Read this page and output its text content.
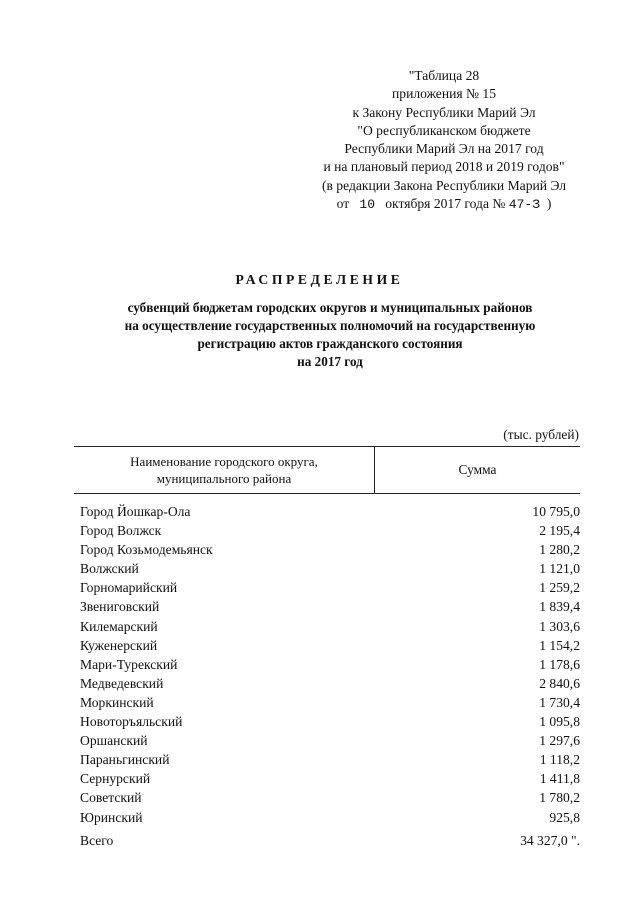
"Таблица 28
приложения № 15
к Закону Республики Марий Эл
"О республиканском бюджете
Республики Марий Эл на 2017 год
и на плановый период 2018 и 2019 годов"
(в редакции Закона Республики Марий Эл
от 10 октября 2017 года № 47-З )
РАСПРЕДЕЛЕНИЕ
субвенций бюджетам городских округов и муниципальных районов
на осуществление государственных полномочий на государственную
регистрацию актов гражданского состояния
на 2017 год
(тыс. рублей)
Наименование городского округа,
муниципального района
Сумма
Город Йошкар-Ола	10 795,0
Город Волжск	2 195,4
Город Козьмодемьянск	1 280,2
Волжский	1 121,0
Горномарийский	1 259,2
Звениговский	1 839,4
Килемарский	1 303,6
Куженерский	1 154,2
Мари-Турекский	1 178,6
Медведевский	2 840,6
Моркинский	1 730,4
Новоторъяльский	1 095,8
Оршанский	1 297,6
Параньгинский	1 118,2
Сернурский	1 411,8
Советский	1 780,2
Юринский	925,8
Всего	34 327,0 ".
